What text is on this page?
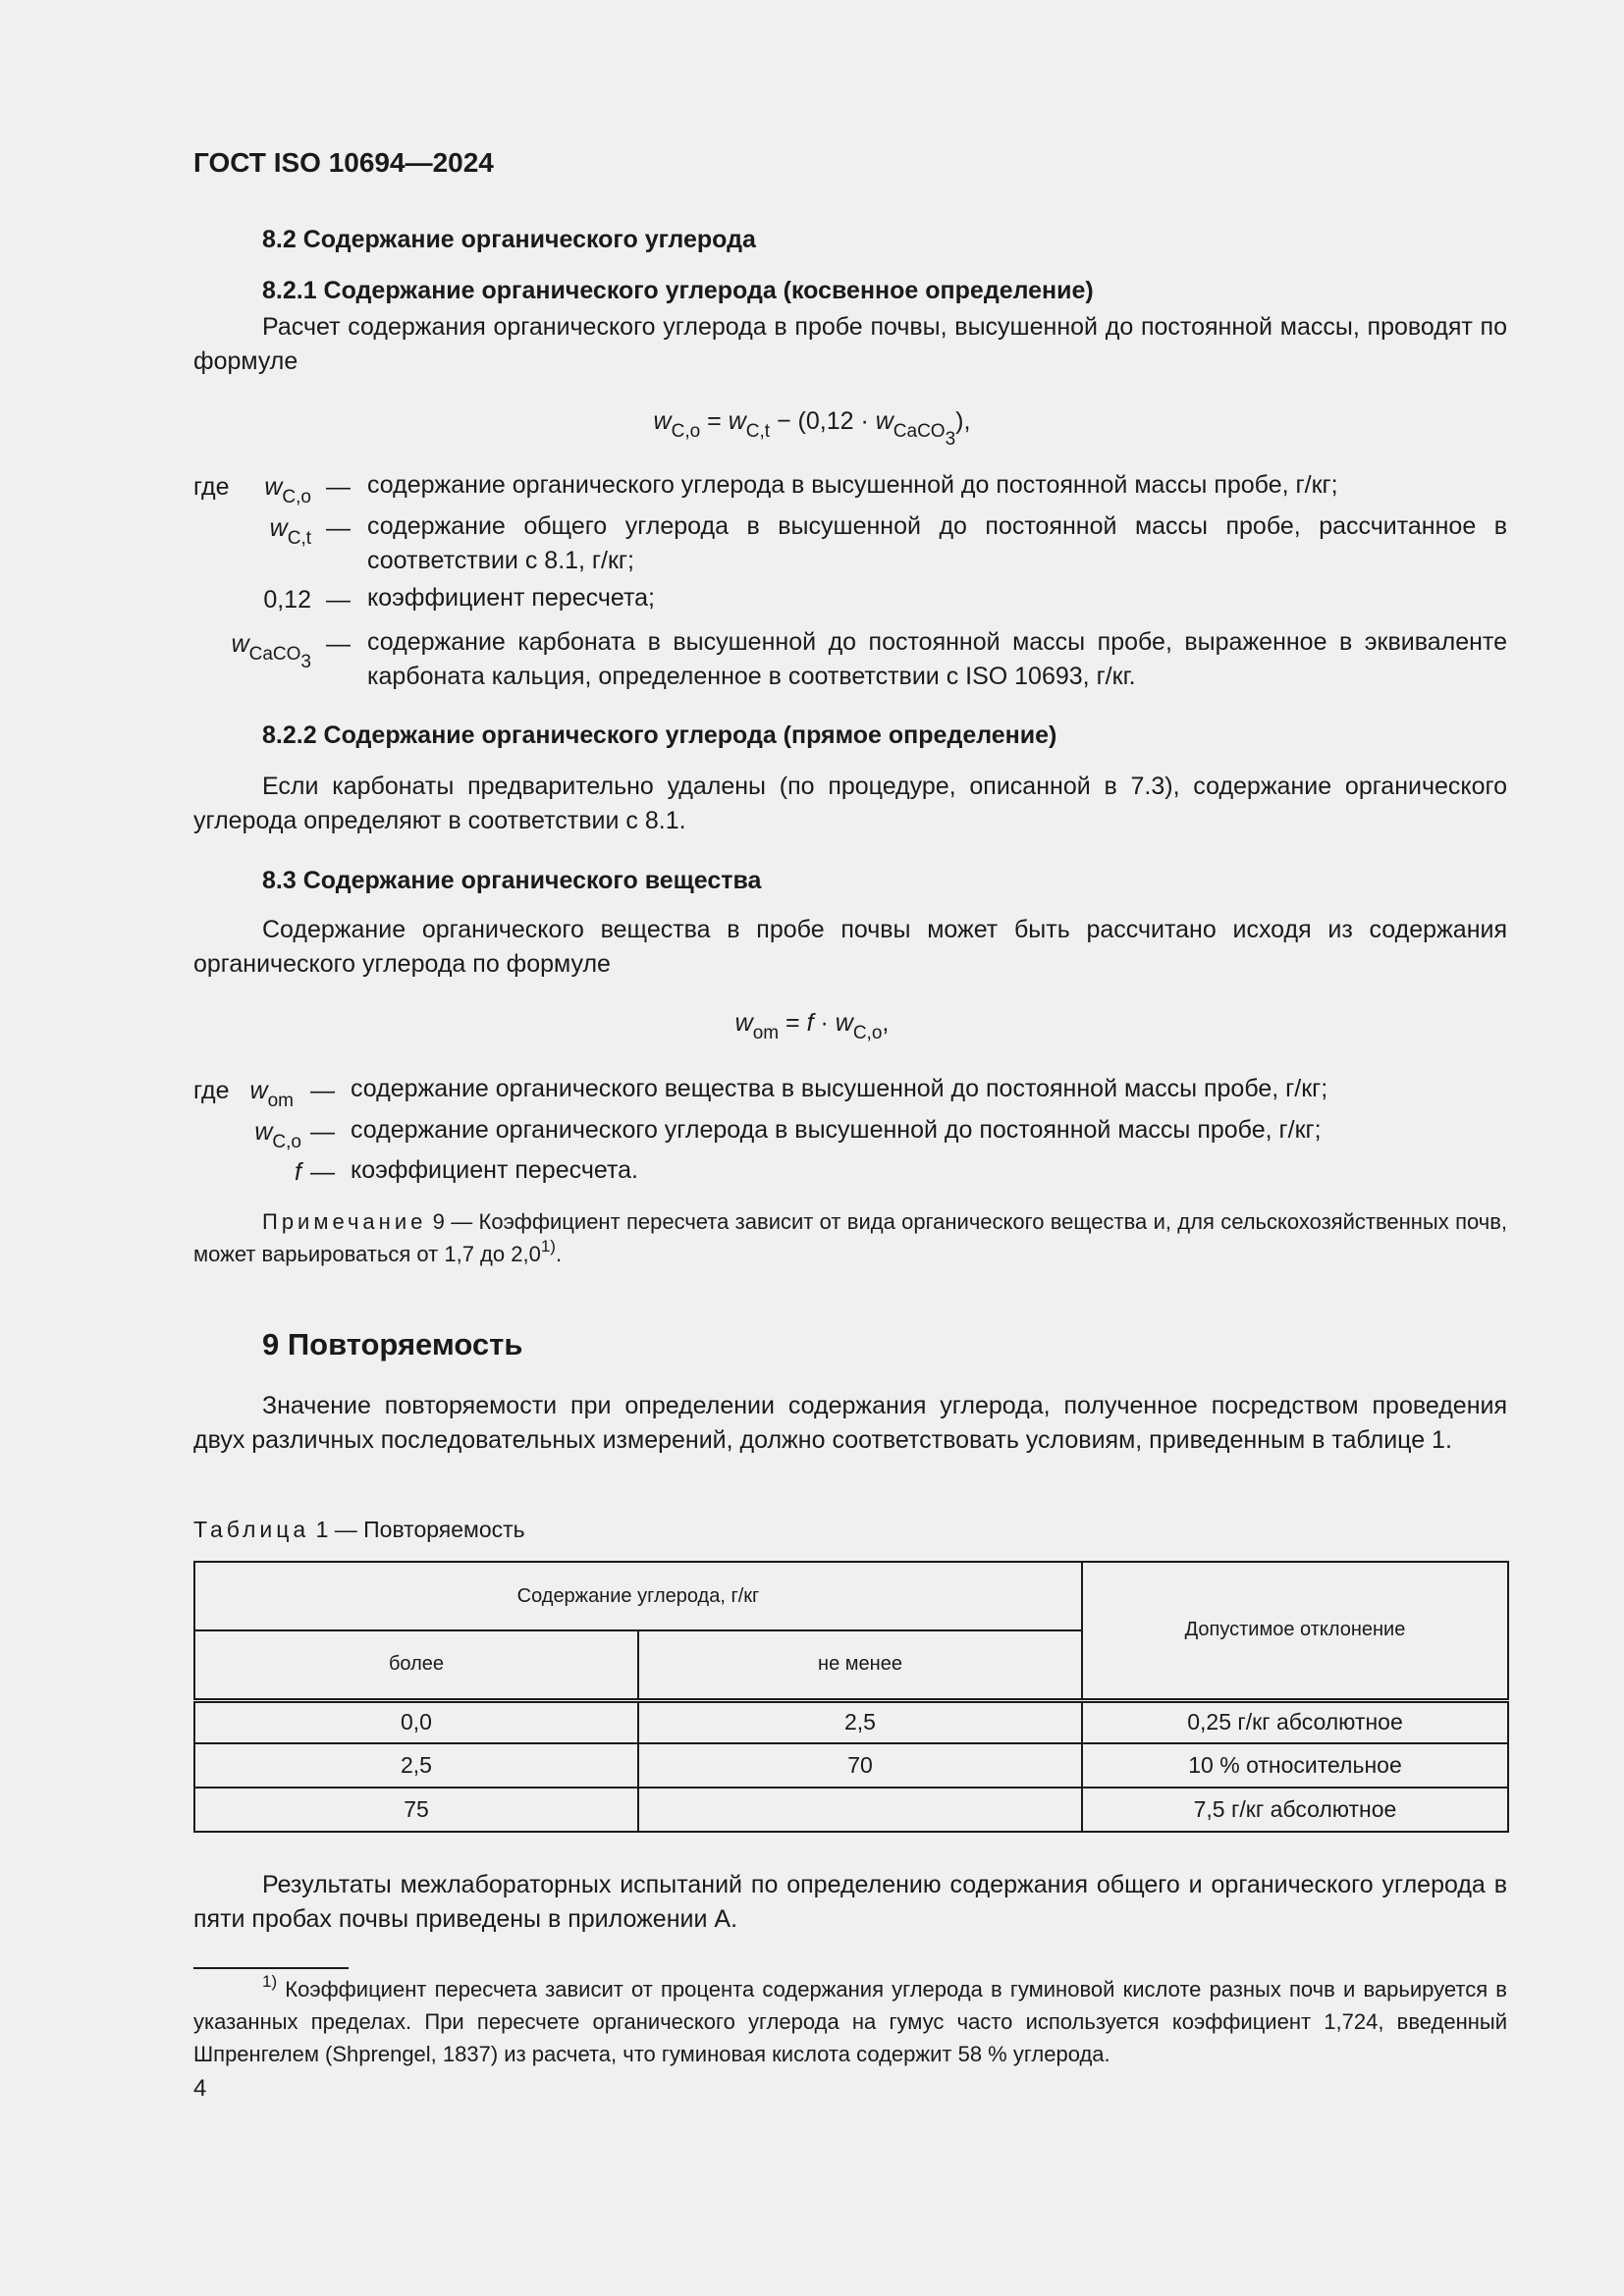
ГОСТ ISO 10694—2024
8.2 Содержание органического углерода
8.2.1 Содержание органического углерода (косвенное определение)
Расчет содержания органического углерода в пробе почвы, высушенной до постоянной массы, проводят по формуле
$w_{C,o} = w_{C,t} - (0,12 \cdot w_{CaCO_3})$,
где	$w_{C,o}$ — содержание органического углерода в высушенной до постоянной массы пробе, г/кг;
$w_{C,t}$ — содержание общего углерода в высушенной до постоянной массы пробе, рассчитанное в соответствии с 8.1, г/кг;
0,12 — коэффициент пересчета;
$w_{CaCO_3}$
— содержание карбоната в высушенной до постоянной массы пробе, выраженное в эквиваленте карбоната кальция, определенное в соответствии с ISO 10693, г/кг.
8.2.2 Содержание органического углерода (прямое определение)
Если карбонаты предварительно удалены (по процедуре, описанной в 7.3), содержание органического углерода определяют в соответствии с 8.1.
8.3 Содержание органического вещества
Содержание органического вещества в пробе почвы может быть рассчитано исходя из содержания органического углерода по формуле
$w_{om} = f \cdot w_{C,o}$,
где $w_{om}$ — содержание органического вещества в высушенной до постоянной массы пробе, г/кг;
$w_{C,o}$ — содержание органического углерода в высушенной до постоянной массы пробе, г/кг;
f — коэффициент пересчета.
Примечание 9 — Коэффициент пересчета зависит от вида органического вещества и, для сельскохозяйственных почв, может варьироваться от 1,7 до 2,0$^{1)}$.
9 Повторяемость
Значение повторяемости при определении содержания углерода, полученное посредством проведения двух различных последовательных измерений, должно соответствовать условиям, приведенным в таблице 1.
Таблица 1 — Повторяемость
Содержание углерода, г/кг		Допустимое отклонение
более	не менее	
0,0	2,5	0,25 г/кг абсолютное
2,5	70	10 % относительное
75		7,5 г/кг абсолютное
Результаты межлабораторных испытаний по определению содержания общего и органического углерода в пяти пробах почвы приведены в приложении А.
$^{1)}$ Коэффициент пересчета зависит от процента содержания углерода в гуминовой кислоте разных почв и варьируется в указанных пределах. При пересчете органического углерода на гумус часто используется коэффициент 1,724, введенный Шпренгелем (Shprengel, 1837) из расчета, что гуминовая кислота содержит 58 % углерода.
4
